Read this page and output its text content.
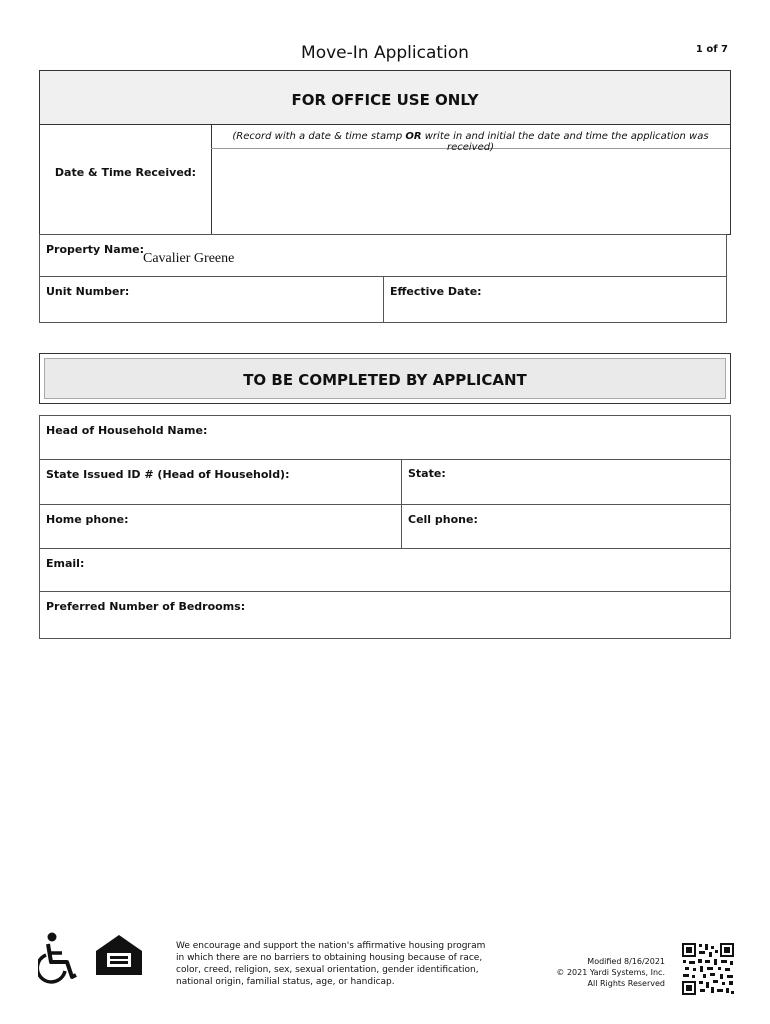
Move-In Application	1 of 7
FOR OFFICE USE ONLY
Date & Time Received:
(Record with a date & time stamp OR write in and initial the date and time the application was received)
Property Name:
Cavalier Greene
Unit Number:	Effective Date:
TO BE COMPLETED BY APPLICANT
Head of Household Name:
State Issued ID # (Head of Household):	State:
Home phone:	Cell phone:
Email:
Preferred Number of Bedrooms:
We encourage and support the nation's affirmative housing program in which there are no barriers to obtaining housing because of race, color, creed, religion, sex, sexual orientation, gender identification, national origin, familial status, age, or handicap.
Modified 8/16/2021
© 2021 Yardi Systems, Inc.
All Rights Reserved
